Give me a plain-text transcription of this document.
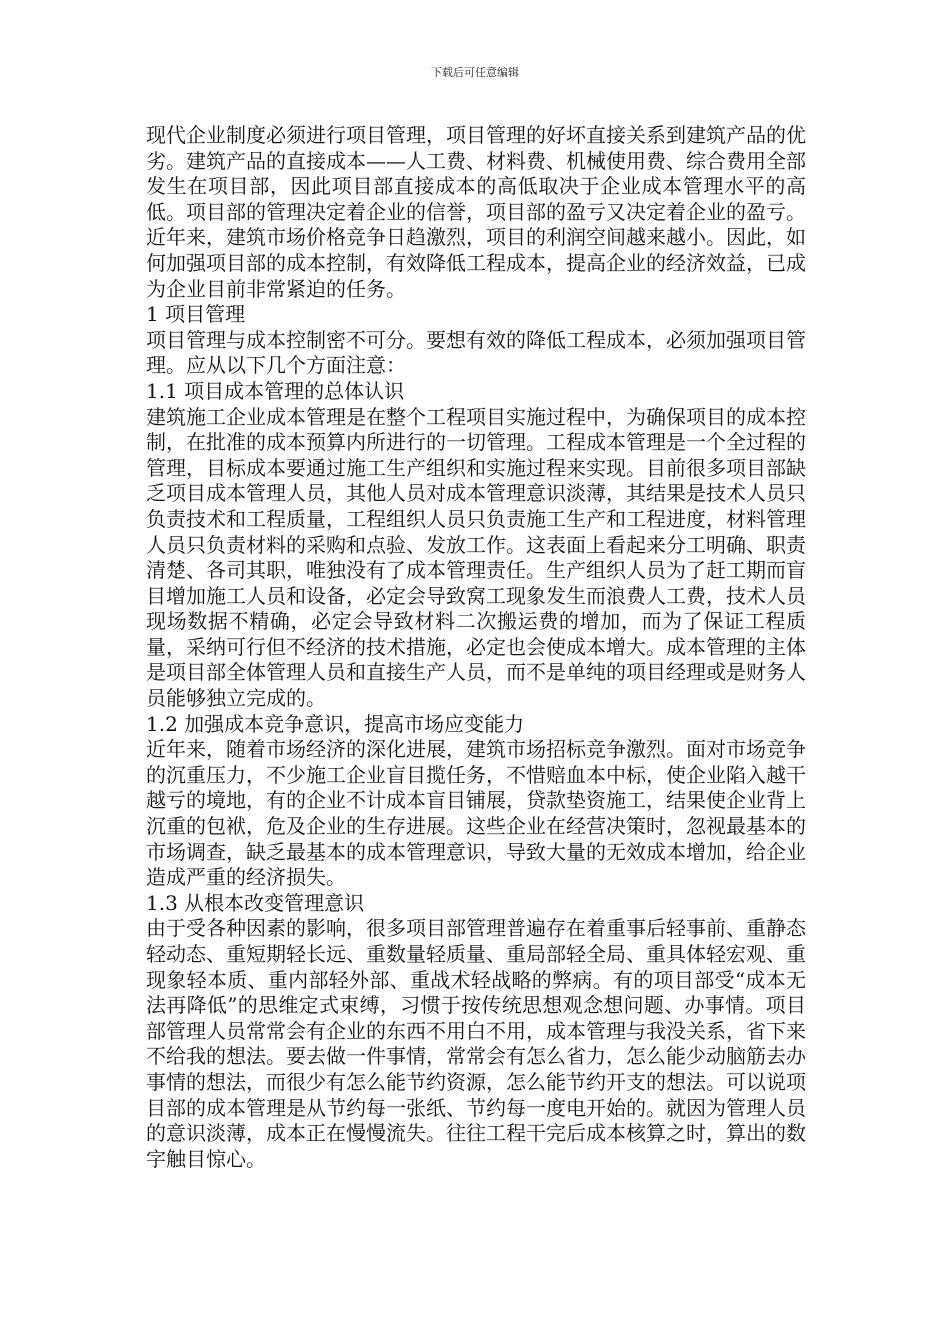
下载后可任意编辑

现代企业制度必须进行项目管理，项目管理的好坏直接关系到建筑产品的优劣。建筑产品的直接成本——人工费、材料费、机械使用费、综合费用全部发生在项目部，因此项目部直接成本的高低取决于企业成本管理水平的高低。项目部的管理决定着企业的信誉，项目部的盈亏又决定着企业的盈亏。近年来，建筑市场价格竞争日趋激烈，项目的利润空间越来越小。因此，如何加强项目部的成本控制，有效降低工程成本，提高企业的经济效益，已成为企业目前非常紧迫的任务。

1 项目管理

项目管理与成本控制密不可分。要想有效的降低工程成本，必须加强项目管理。应从以下几个方面注意：

1.1 项目成本管理的总体认识

建筑施工企业成本管理是在整个工程项目实施过程中，为确保项目的成本控制，在批准的成本预算内所进行的一切管理。工程成本管理是一个全过程的管理，目标成本要通过施工生产组织和实施过程来实现。目前很多项目部缺乏项目成本管理人员，其他人员对成本管理意识淡薄，其结果是技术人员只负责技术和工程质量，工程组织人员只负责施工生产和工程进度，材料管理人员只负责材料的采购和点验、发放工作。这表面上看起来分工明确、职责清楚、各司其职，唯独没有了成本管理责任。生产组织人员为了赶工期而盲目增加施工人员和设备，必定会导致窝工现象发生而浪费人工费，技术人员现场数据不精确，必定会导致材料二次搬运费的增加，而为了保证工程质量，采纳可行但不经济的技术措施，必定也会使成本增大。成本管理的主体是项目部全体管理人员和直接生产人员，而不是单纯的项目经理或是财务人员能够独立完成的。

1.2 加强成本竞争意识，提高市场应变能力

近年来，随着市场经济的深化进展，建筑市场招标竞争激烈。面对市场竞争的沉重压力，不少施工企业盲目揽任务，不惜赔血本中标，使企业陷入越干越亏的境地，有的企业不计成本盲目铺展，贷款垫资施工，结果使企业背上沉重的包袱，危及企业的生存进展。这些企业在经营决策时，忽视最基本的市场调查，缺乏最基本的成本管理意识，导致大量的无效成本增加，给企业造成严重的经济损失。

1.3 从根本改变管理意识

由于受各种因素的影响，很多项目部管理普遍存在着重事后轻事前、重静态轻动态、重短期轻长远、重数量轻质量、重局部轻全局、重具体轻宏观、重现象轻本质、重内部轻外部、重战术轻战略的弊病。有的项目部受“成本无法再降低”的思维定式束缚，习惯于按传统思想观念想问题、办事情。项目部管理人员常常会有企业的东西不用白不用，成本管理与我没关系，省下来不给我的想法。要去做一件事情，常常会有怎么省力，怎么能少动脑筋去办事情的想法，而很少有怎么能节约资源，怎么能节约开支的想法。可以说项目部的成本管理是从节约每一张纸、节约每一度电开始的。就因为管理人员的意识淡薄，成本正在慢慢流失。往往工程干完后成本核算之时，算出的数字触目惊心。
